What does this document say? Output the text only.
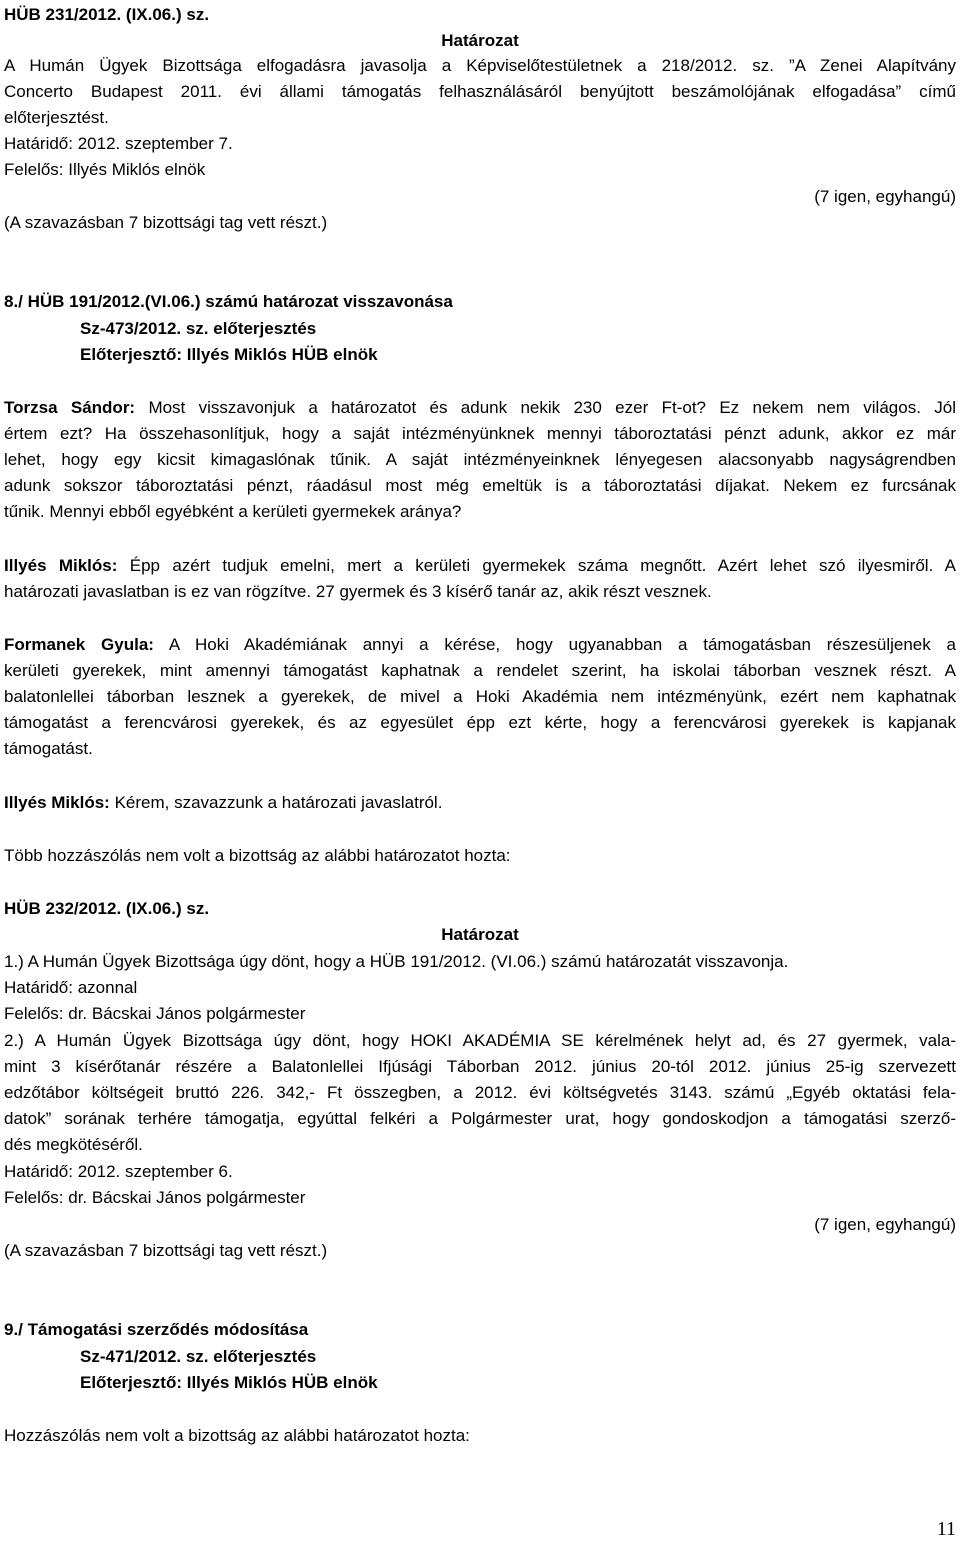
HÜB 231/2012. (IX.06.) sz.
Határozat
A Humán Ügyek Bizottsága elfogadásra javasolja a Képviselőtestületnek a 218/2012. sz. ”A Zenei Alapítvány
Concerto Budapest 2011. évi állami támogatás felhasználásáról benyújtott beszámolójának elfogadása” című
előterjesztést.
Határidő: 2012. szeptember 7.
Felelős: Illyés Miklós elnök
(7 igen, egyhangú)
(A szavazásban 7 bizottsági tag vett részt.)
8./ HÜB 191/2012.(VI.06.) számú határozat visszavonása
Sz-473/2012. sz. előterjesztés
Előterjesztő: Illyés Miklós HÜB elnök
Torzsa Sándor: Most visszavonjuk a határozatot és adunk nekik 230 ezer Ft-ot? Ez nekem nem világos. Jól
értem ezt? Ha összehasonlítjuk, hogy a saját intézményünknek mennyi táboroztatási pénzt adunk, akkor ez már
lehet, hogy egy kicsit kimagaslónak tűnik. A saját intézményeinknek lényegesen alacsonyabb nagyságrendben
adunk sokszor táboroztatási pénzt, ráadásul most még emeltük is a táboroztatási díjakat. Nekem ez furcsának
tűnik. Mennyi ebből egyébként a kerületi gyermekek aránya?
Illyés Miklós: Épp azért tudjuk emelni, mert a kerületi gyermekek száma megnőtt. Azért lehet szó ilyesmiről. A
határozati javaslatban is ez van rögzítve. 27 gyermek és 3 kísérő tanár az, akik részt vesznek.
Formanek Gyula: A Hoki Akadémiának annyi a kérése, hogy ugyanabban a támogatásban részesüljenek a
kerületi gyerekek, mint amennyi támogatást kaphatnak a rendelet szerint, ha iskolai táborban vesznek részt. A
balatonlellei táborban lesznek a gyerekek, de mivel a Hoki Akadémia nem intézményünk, ezért nem kaphatnak
támogatást a ferencvárosi gyerekek, és az egyesület épp ezt kérte, hogy a ferencvárosi gyerekek is kapjanak
támogatást.
Illyés Miklós: Kérem, szavazzunk a határozati javaslatról.
Több hozzászólás nem volt a bizottság az alábbi határozatot hozta:
HÜB 232/2012. (IX.06.) sz.
Határozat
1.) A Humán Ügyek Bizottsága úgy dönt, hogy a HÜB 191/2012. (VI.06.) számú határozatát visszavonja.
Határidő: azonnal
Felelős: dr. Bácskai János polgármester
2.) A Humán Ügyek Bizottsága úgy dönt, hogy HOKI AKADÉMIA SE kérelmének helyt ad, és 27 gyermek, vala-
mint 3 kísérőtanár részére a Balatonlellei Ifjúsági Táborban 2012. június 20-tól 2012. június 25-ig szervezett
edzőtábor költségeit bruttó 226. 342,- Ft összegben, a 2012. évi költségvetés 3143. számú „Egyéb oktatási fela-
datok” sorának terhére támogatja, egyúttal felkéri a Polgármester urat, hogy gondoskodjon a támogatási szerző-
dés megkötéséről.
Határidő: 2012. szeptember 6.
Felelős: dr. Bácskai János polgármester
(7 igen, egyhangú)
(A szavazásban 7 bizottsági tag vett részt.)
9./ Támogatási szerződés módosítása
Sz-471/2012. sz. előterjesztés
Előterjesztő: Illyés Miklós HÜB elnök
Hozzászólás nem volt a bizottság az alábbi határozatot hozta:
11
